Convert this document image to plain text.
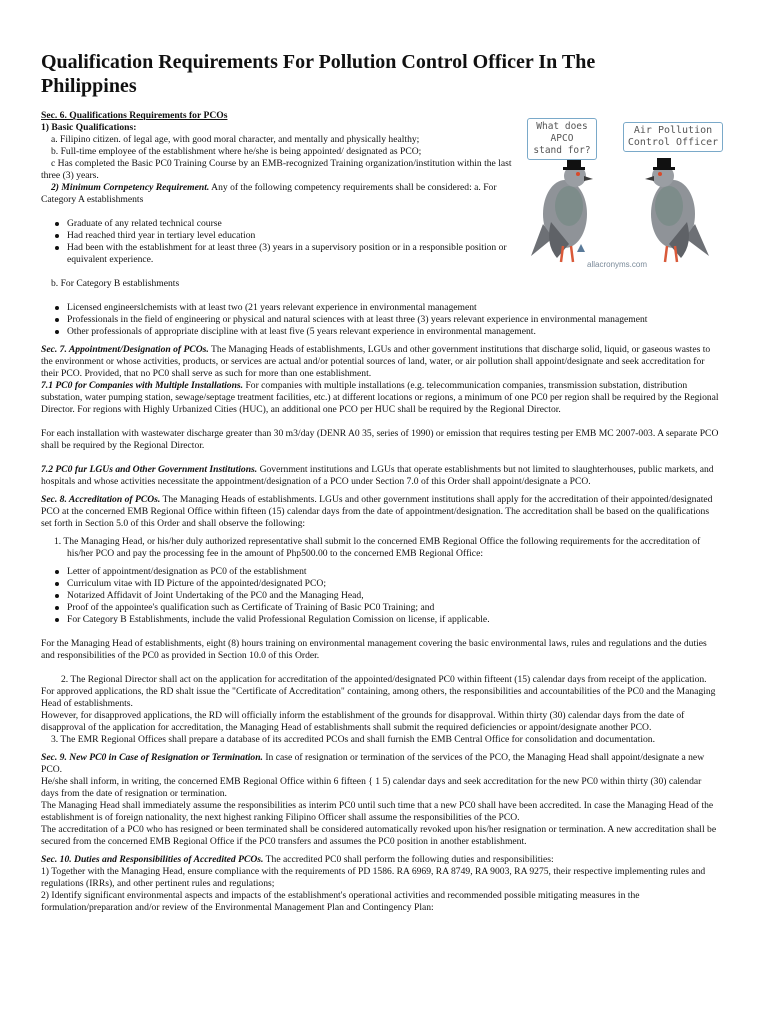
What does
APCO
stand for?
Air Pollution
Control Officer
allacronyms.com
Qualification Requirements For Pollution Control Officer In The Philippines

Sec. 6. Qualifications Requirements for PCOs

1) Basic Qualifications:

a. Filipino citizen. of legal age, with good moral character, and mentally and physically healthy;

b. Full-time employee of the establishment where he/she is being appointed/ designated as PCO;

c Has completed the Basic PC0 Training Course by an EMB-recognized Training organization/institution within the last three (3) years.

2) Minimum Cornpetency Requirement. Any of the following competency requirements shall be considered: a. For Category A establishments

Graduate of any related technical course
Had reached third year in tertiary level education
Had been with the establishment for at least three (3) years in a supervisory position or in a responsible position or equivalent experience.

b. For Category B establishments

Licensed engineerslchemists with at least two (21 years relevant experience in environmental management
Professionals in the field of engineering or physical and natural sciences with at least three (3) years relevant experience in environmental management
Other professionals of appropriate discipline with at least five (5 years relevant experience in environmental management.

Sec. 7. Appointment/Designation of PCOs. The Managing Heads of establishments, LGUs and other government institutions that discharge solid, liquid, or gaseous wastes to the environment or whose activities, products, or services are actual and/or potential sources of land, water, or air pollution shall appoint/designate and seek accreditation for their PCO. Provided, that no PC0 shall serve as such for more than one establishment.

7.1 PC0 for Companies with Multiple Installations. For companies with multiple installations (e.g. telecommunication companies, transmission substation, distribution substation, water pumping station, sewage/septage treatment facilities, etc.) at different locations or regions, a minimum of one PC0 per region shall be required by the Regional Director. For regions with Highly Urbanized Cities (HUC), an additional one PCO per HUC shall be required by the Regional Director.

For each installation with wastewater discharge greater than 30 m3/day (DENR A0 35, series of 1990) or emission that requires testing per EMB MC 2007-003. A separate PCO shall be required by the Regional Director.

7.2 PC0 fur LGUs and Other Government Institutions. Government institutions and LGUs that operate establishments but not limited to slaughterhouses, public markets, and hospitals and whose activities necessitate the appointment/designation of a PCO under Section 7.0 of this Order shall appoint/designate a PCO.

Sec. 8. Accreditation of PCOs. The Managing Heads of establishments. LGUs and other government institutions shall apply for the accreditation of their appointed/designated PCO at the concerned EMB Regional Office within fifteen (15) calendar days from the date of appointment/designation. The accreditation shall be based on the qualifications set forth in Section 5.0 of this Order and shall observe the following:

1. The Managing Head, or his/her duly authorized representative shall submit lo the concerned EMB Regional Office the following requirements for the accreditation of his/her PCO and pay the processing fee in the amount of Php500.00 to the concerned EMB Regional Office:
Letter of appointment/designation as PC0 of the establishment
Curriculum vitae with ID Picture of the appointed/designated PCO;
Notarized Affidavit of Joint Undertaking of the PC0 and the Managing Head,
Proof of the appointee's qualification such as Certificate of Training of Basic PC0 Training; and
For Category B Establishments, include the valid Professional Regulation Comission on license, if applicable.

For the Managing Head of establishments, eight (8) hours training on environmental management covering the basic environmental laws, rules and regulations and the duties and responsibilities of the PC0 as provided in Section 10.0 of this Order.

2. The Regional Director shall act on the application for accreditation of the appointed/designated PC0 within fifteent (15) calendar days from receipt of the application. For approved applications, the RD shalt issue the "Certificate of Accreditation" containing, among others, the responsibilities and accountabilities of the PC0 and the Managing Head of establishments.

However, for disapproved applications, the RD will officially inform the establishment of the grounds for disapproval. Within thirty (30) calendar days from the date of disapproval of the application for accreditation, the Managing Head of establishments shall submit the required deficiencies or appoint/designate another PCO.

3. The EMR Regional Offices shall prepare a database of its accredited PCOs and shall furnish the EMB Central Office for consolidation and documentation.

Sec. 9. New PC0 in Case of Resignation or Termination. In case of resignation or termination of the services of the PCO, the Managing Head shall appoint/designate a new PCO.

He/she shall inform, in writing, the concerned EMB Regional Office within 6 fifteen { 1 5) calendar days and seek accreditation for the new PC0 within thirty (30) calendar days from the date of resignation or termination.

The Managing Head shall immediately assume the responsibilities as interim PC0 until such time that a new PC0 shall have been accredited. In case the Managing Head of the establishment is of foreign nationality, the next highest ranking Filipino Officer shall assume the responsibilities of the PCO.

The accreditation of a PC0 who has resigned or been terminated shall be considered automatically revoked upon his/her resignation or termination. A new accreditation shall be secured from the concerned EMB Regional Office if the PC0 transfers and assumes the PC0 position in another establishment.

Sec. 10. Duties and Responsibilities of Accredited PCOs. The accredited PC0 shall perform the following duties and responsibilities:

1) Together with the Managing Head, ensure compliance with the requirements of PD 1586. RA 6969, RA 8749, RA 9003, RA 9275, their respective implementing rules and regulations (IRRs), and other pertinent rules and regulations;

2) Identify significant environmental aspects and impacts of the establishment's operational activities and recommended possible mitigating measures in the formulation/preparation and/or review of the Environmental Management Plan and Contingency Plan:
